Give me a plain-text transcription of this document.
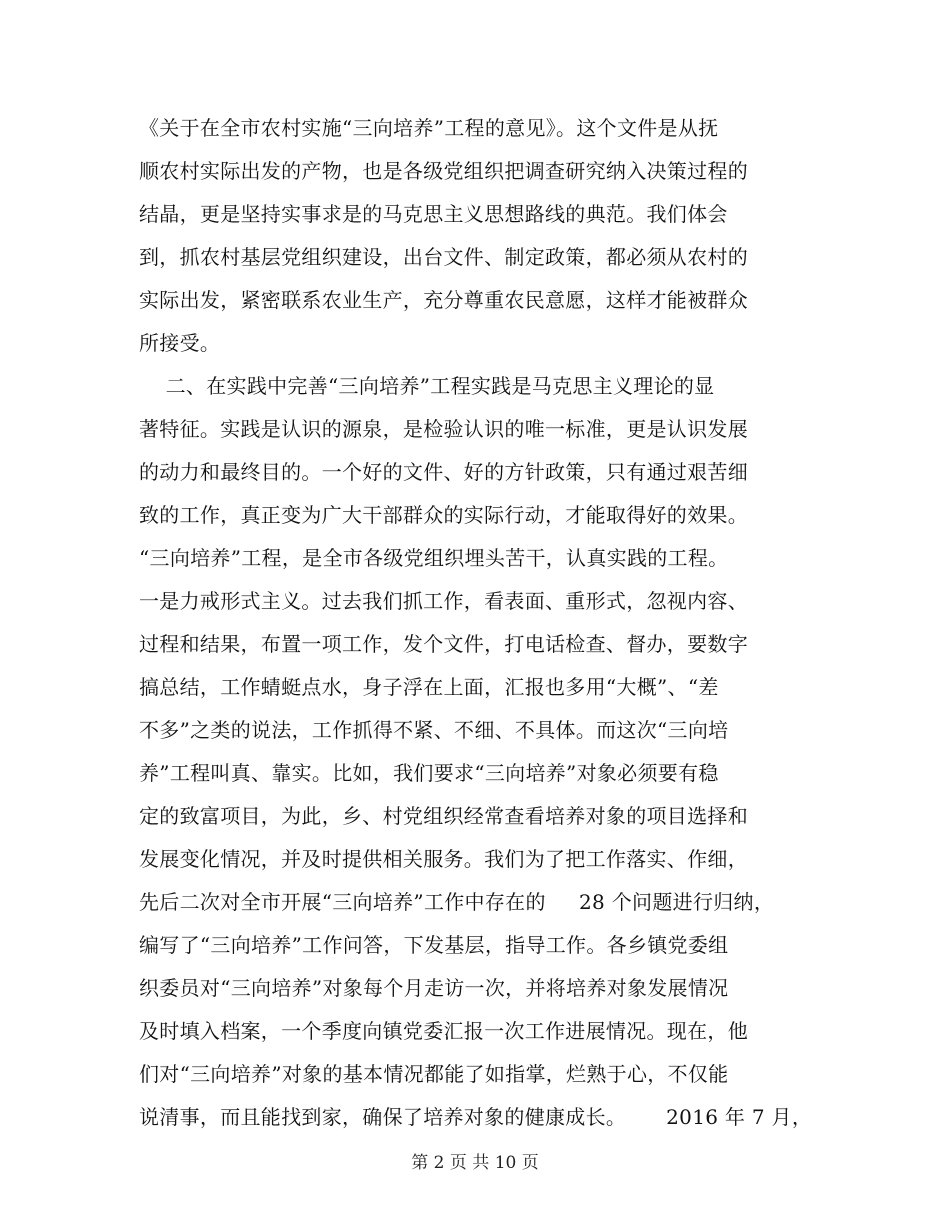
《关于在全市农村实施“三向培养”工程的意见》。这个文件是从抚
顺农村实际出发的产物，也是各级党组织把调查研究纳入决策过程的
结晶，更是坚持实事求是的马克思主义思想路线的典范。我们体会
到，抓农村基层党组织建设，出台文件、制定政策，都必须从农村的
实际出发，紧密联系农业生产，充分尊重农民意愿，这样才能被群众
所接受。
二、在实践中完善“三向培养”工程实践是马克思主义理论的显
著特征。实践是认识的源泉，是检验认识的唯一标准，更是认识发展
的动力和最终目的。一个好的文件、好的方针政策，只有通过艰苦细
致的工作，真正变为广大干部群众的实际行动，才能取得好的效果。
“三向培养”工程，是全市各级党组织埋头苦干，认真实践的工程。
一是力戒形式主义。过去我们抓工作，看表面、重形式，忽视内容、
过程和结果，布置一项工作，发个文件，打电话检查、督办，要数字
搞总结，工作蜻蜓点水，身子浮在上面，汇报也多用“大概”、“差
不多”之类的说法，工作抓得不紧、不细、不具体。而这次“三向培
养”工程叫真、靠实。比如，我们要求“三向培养”对象必须要有稳
定的致富项目，为此，乡、村党组织经常查看培养对象的项目选择和
发展变化情况，并及时提供相关服务。我们为了把工作落实、作细，
先后二次对全市开展“三向培养”工作中存在的     28 个问题进行归纳，
编写了“三向培养”工作问答，下发基层，指导工作。各乡镇党委组
织委员对“三向培养”对象每个月走访一次，并将培养对象发展情况
及时填入档案，一个季度向镇党委汇报一次工作进展情况。现在，他
们对“三向培养”对象的基本情况都能了如指掌，烂熟于心，不仅能
说清事，而且能找到家，确保了培养对象的健康成长。      2016 年 7 月，
第 2 页 共 10 页
